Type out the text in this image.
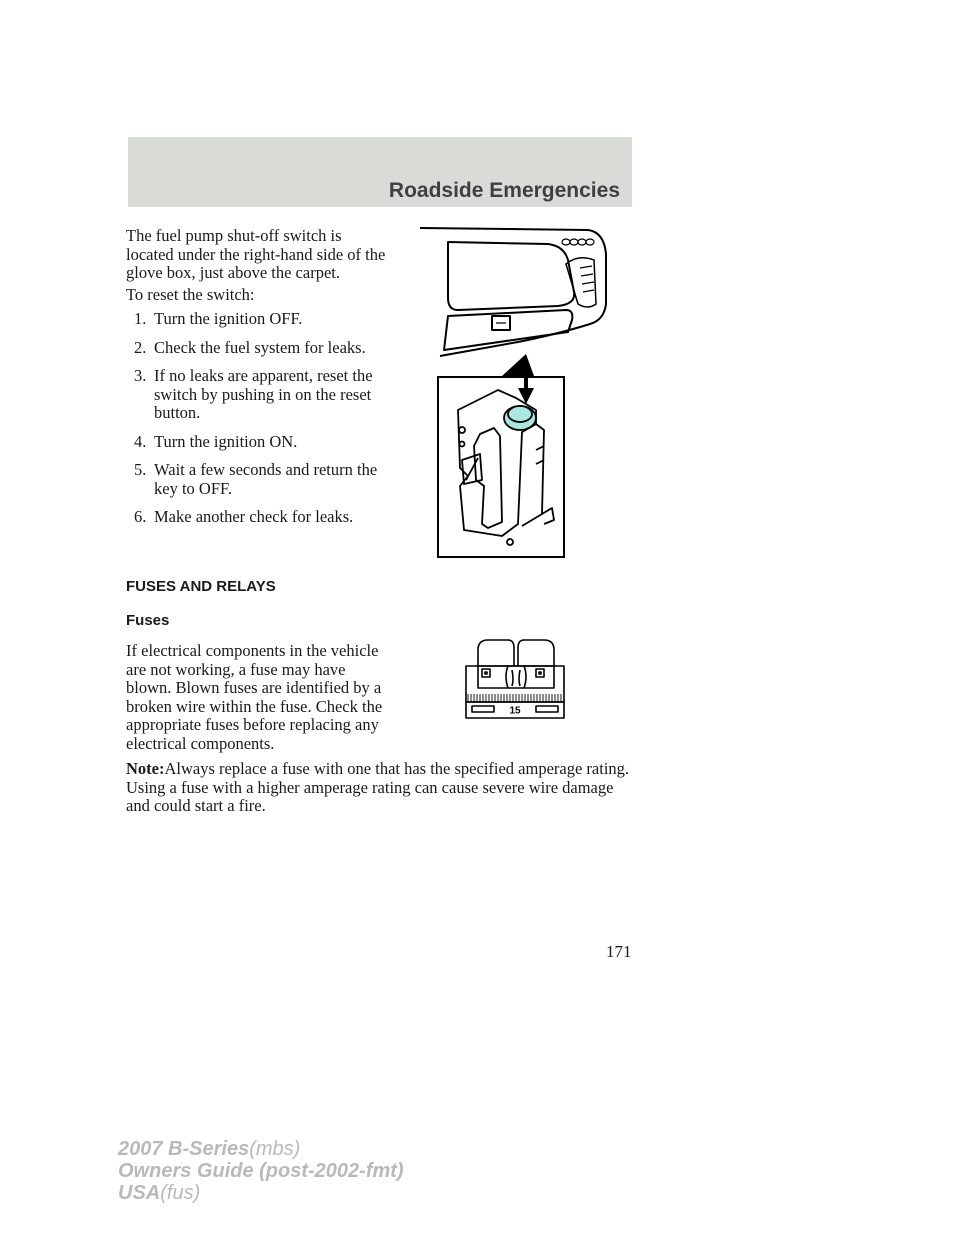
Roadside Emergencies

The fuel pump shut-off switch is located under the right-hand side of the glove box, just above the carpet.

To reset the switch:

1. Turn the ignition OFF.
2. Check the fuel system for leaks.
3. If no leaks are apparent, reset the switch by pushing in on the reset button.
4. Turn the ignition ON.
5. Wait a few seconds and return the key to OFF.
6. Make another check for leaks.
FUSES AND RELAYS
Fuses

If electrical components in the vehicle are not working, a fuse may have blown. Blown fuses are identified by a broken wire within the fuse. Check the appropriate fuses before replacing any electrical components.

15

Note:Always replace a fuse with one that has the specified amperage rating. Using a fuse with a higher amperage rating can cause severe wire damage and could start a fire.

171
2007 B-Series(mbs)
Owners Guide (post-2002-fmt)
USA(fus)
